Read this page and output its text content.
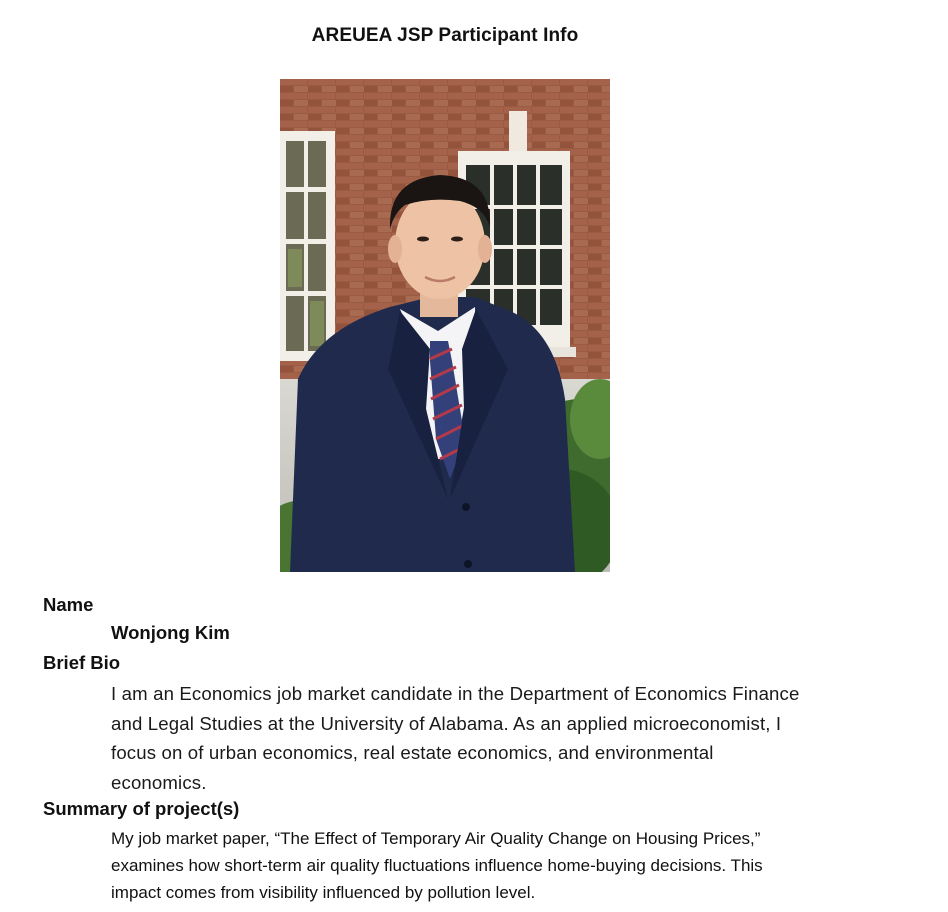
AREUEA JSP Participant Info
Name
Wonjong Kim
Brief Bio
I am an Economics job market candidate in the Department of Economics Finance
and Legal Studies at the University of Alabama. As an applied microeconomist, I
focus on of urban economics, real estate economics, and environmental
economics.
Summary of project(s)
My job market paper, “The Effect of Temporary Air Quality Change on Housing Prices,”
examines how short-term air quality fluctuations influence home-buying decisions. This
impact comes from visibility influenced by pollution level.
